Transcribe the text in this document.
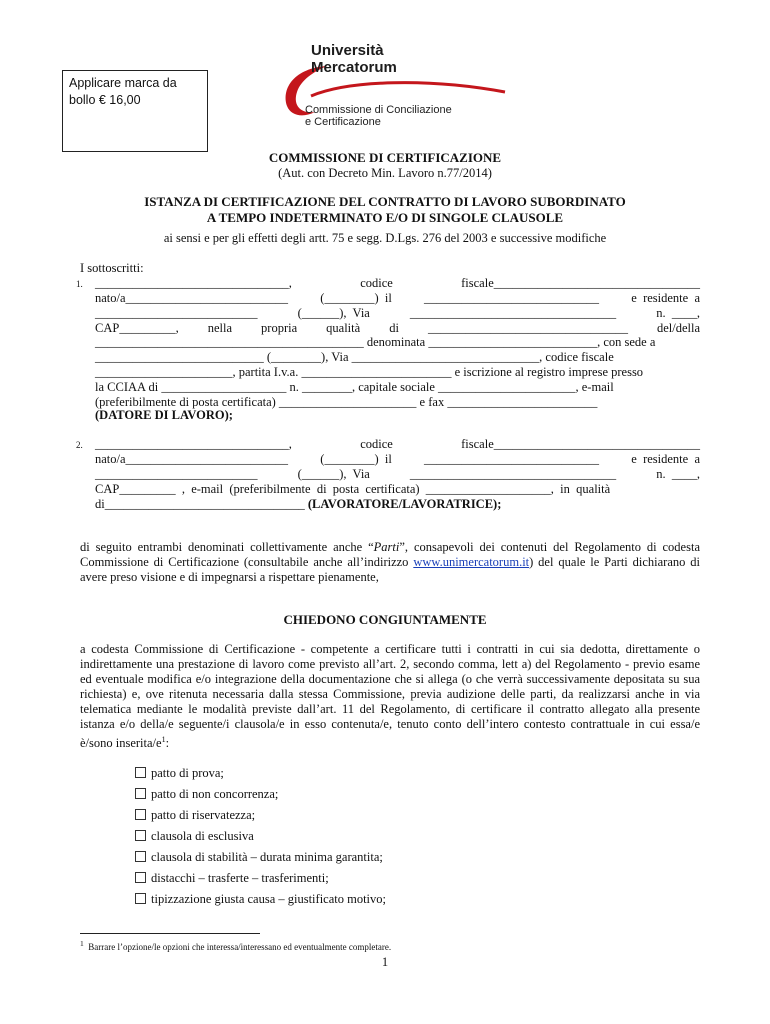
Applicare marca da
bollo € 16,00
Università
Mercatorum
Commissione di Conciliazione
e Certificazione
COMMISSIONE DI CERTIFICAZIONE
(Aut. con Decreto Min. Lavoro n.77/2014)
ISTANZA DI CERTIFICAZIONE DEL CONTRATTO DI LAVORO SUBORDINATO
A TEMPO INDETERMINATO E/O DI SINGOLE CLAUSOLE
ai sensi e per gli effetti degli artt. 75 e segg. D.Lgs. 276 del 2003 e successive modifiche
I sottoscritti:
1. _______________________________,	codice	fiscale_________________________________
nato/a__________________________	(________)  il	____________________________	e  residente  a
__________________________	(______),  Via	_________________________________	n.  ____,
CAP_________, nella propria qualità di ________________________________ del/della
___________________________________________ denominata ___________________________, con sede a
___________________________ (________), Via ______________________________, codice fiscale
______________________, partita I.v.a. ________________________ e iscrizione al registro imprese presso
la CCIAA di ____________________ n. ________, capitale sociale ______________________, e-mail
(preferibilmente di posta certificata) ______________________ e fax ________________________
(DATORE DI LAVORO);
2. _______________________________,	codice	fiscale_________________________________
nato/a__________________________	(________)  il	____________________________	e  residente  a
__________________________	(______),  Via	_________________________________	n.  ____,
CAP_________  ,  e-mail  (preferibilmente  di  posta  certificata)  ____________________,  in  qualità
di________________________________ (LAVORATORE/LAVORATRICE);
di seguito entrambi denominati collettivamente anche “Parti”, consapevoli dei contenuti del Regolamento di codesta Commissione di Certificazione (consultabile anche all’indirizzo www.unimercatorum.it) del quale le Parti dichiarano di avere preso visione e di impegnarsi a rispettare pienamente,
CHIEDONO CONGIUNTAMENTE
a codesta Commissione di Certificazione - competente a certificare tutti i contratti in cui sia dedotta, direttamente o indirettamente una prestazione di lavoro come previsto all’art. 2, secondo comma, lett a) del Regolamento - previo esame ed eventuale modifica e/o integrazione della documentazione che si allega (o che verrà successivamente depositata su sua richiesta) e, ove ritenuta necessaria dalla stessa Commissione, previa audizione delle parti, da realizzarsi anche in via telematica mediante le modalità previste dall’art. 11 del Regolamento, di certificare il contratto allegato alla presente istanza e/o della/e seguente/i clausola/e in esso contenuta/e, tenuto conto dell’intero contesto contrattuale in cui essa/e è/sono inserita/$e^1$:
patto di prova;
patto di non concorrenza;
patto di riservatezza;
clausola di esclusiva
clausola di stabilità – durata minima garantita;
distacchi – trasferte – trasferimenti;
tipizzazione giusta causa – giustificato motivo;
$^1$ Barrare l’opzione/le opzioni che interessa/interessano ed eventualmente completare.
1
